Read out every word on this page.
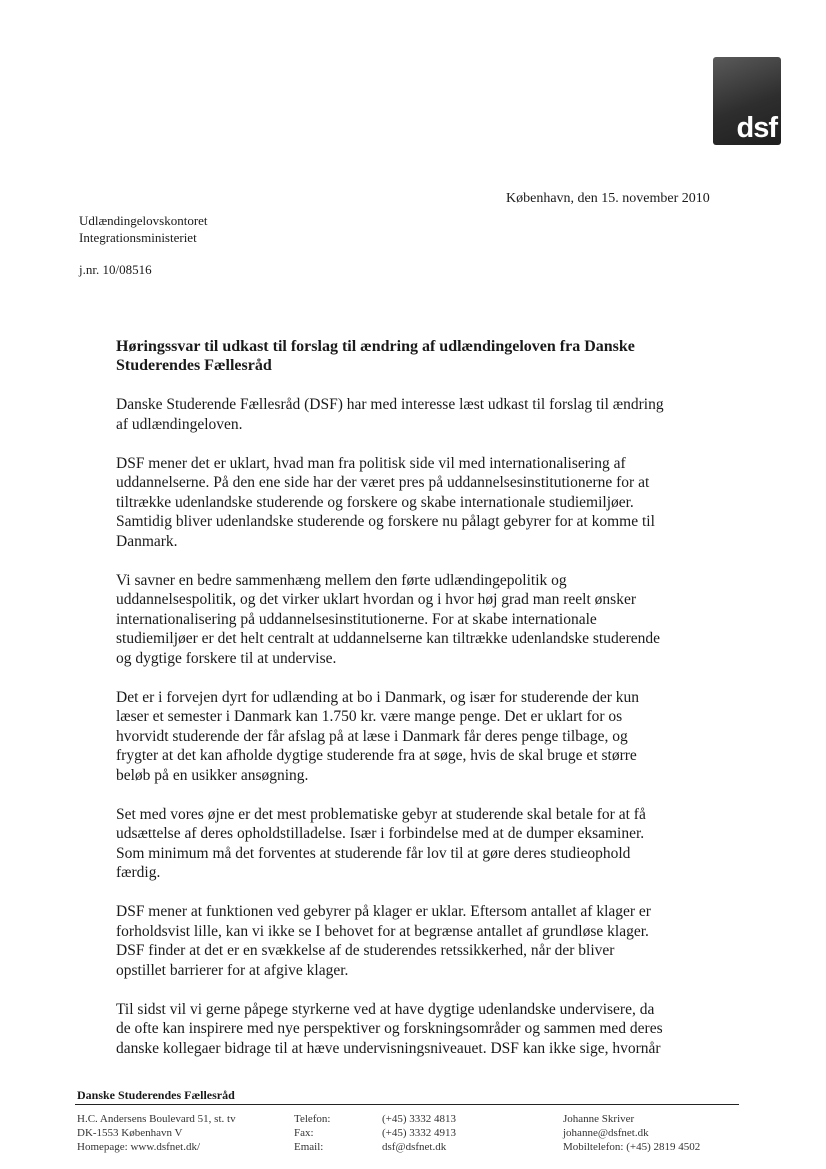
dsf
København, den 15. november 2010
Udlændingelovskontoret
Integrationsministeriet
j.nr. 10/08516
Høringssvar til udkast til forslag til ændring af udlændingeloven fra Danske
Studerendes Fællesråd
Danske Studerende Fællesråd (DSF) har med interesse læst udkast til forslag til ændring
af udlændingeloven.
DSF mener det er uklart, hvad man fra politisk side vil med internationalisering af
uddannelserne. På den ene side har der været pres på uddannelsesinstitutionerne for at
tiltrække udenlandske studerende og forskere og skabe internationale studiemiljøer.
Samtidig bliver udenlandske studerende og forskere nu pålagt gebyrer for at komme til
Danmark.
Vi savner en bedre sammenhæng mellem den førte udlændingepolitik og
uddannelsespolitik, og det virker uklart hvordan og i hvor høj grad man reelt ønsker
internationalisering på uddannelsesinstitutionerne. For at skabe internationale
studiemiljøer er det helt centralt at uddannelserne kan tiltrække udenlandske studerende
og dygtige forskere til at undervise.
Det er i forvejen dyrt for udlænding at bo i Danmark, og især for studerende der kun
læser et semester i Danmark kan 1.750 kr. være mange penge. Det er uklart for os
hvorvidt studerende der får afslag på at læse i Danmark får deres penge tilbage, og
frygter at det kan afholde dygtige studerende fra at søge, hvis de skal bruge et større
beløb på en usikker ansøgning.
Set med vores øjne er det mest problematiske gebyr at studerende skal betale for at få
udsættelse af deres opholdstilladelse. Især i forbindelse med at de dumper eksaminer.
Som minimum må det forventes at studerende får lov til at gøre deres studieophold
færdig.
DSF mener at funktionen ved gebyrer på klager er uklar. Eftersom antallet af klager er
forholdsvist lille, kan vi ikke se I behovet for at begrænse antallet af grundløse klager.
DSF finder at det er en svækkelse af de studerendes retssikkerhed, når der bliver
opstillet barrierer for at afgive klager.
Til sidst vil vi gerne påpege styrkerne ved at have dygtige udenlandske undervisere, da
de ofte kan inspirere med nye perspektiver og forskningsområder og sammen med deres
danske kollegaer bidrage til at hæve undervisningsniveauet. DSF kan ikke sige, hvornår
Danske Studerendes Fællesråd
H.C. Andersens Boulevard 51, st. tv
DK-1553 København V
Homepage: www.dsfnet.dk/
Telefon:
Fax:
Email:
(+45) 3332 4813
(+45) 3332 4913
dsf@dsfnet.dk
Johanne Skriver
johanne@dsfnet.dk
Mobiltelefon: (+45) 2819 4502
